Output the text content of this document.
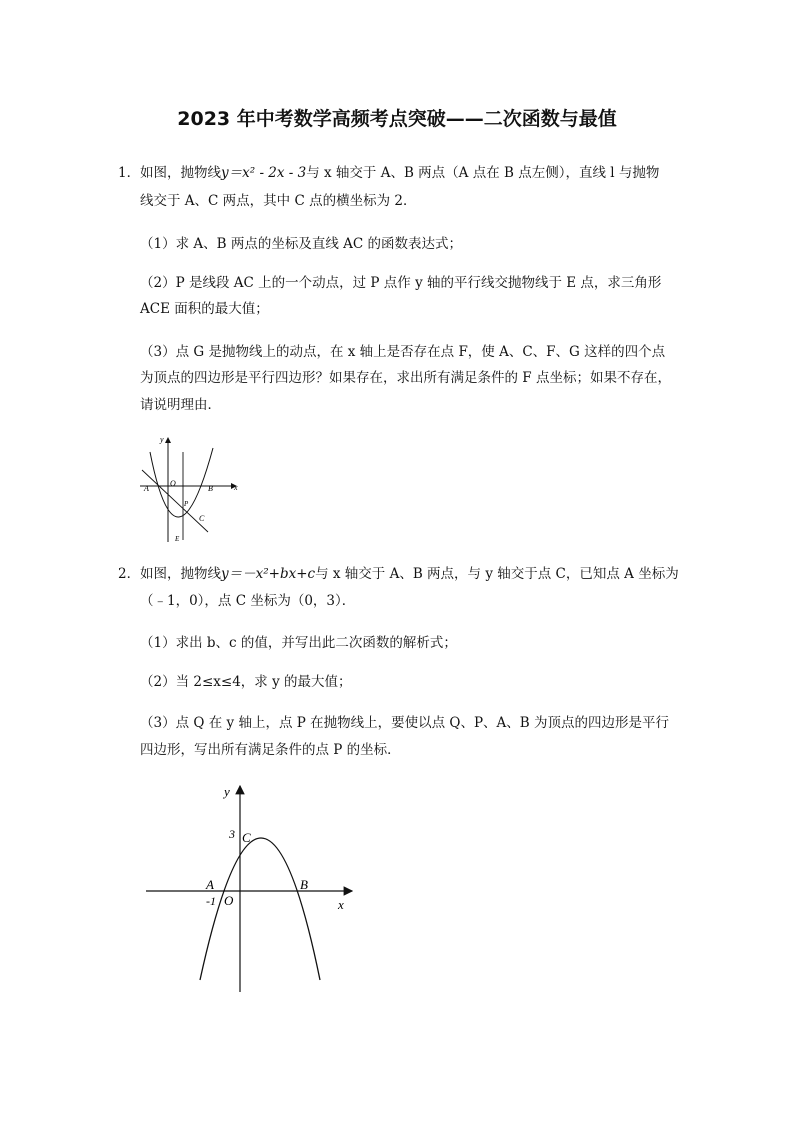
2023 年中考数学高频考点突破——二次函数与最值
1． 如图，抛物线y＝x² - 2x - 3与 x 轴交于 A、B 两点（A 点在 B 点左侧），直线 l 与抛物
线交于 A、C 两点，其中 C 点的横坐标为 2．
（1）求 A、B 两点的坐标及直线 AC 的函数表达式；
（2）P 是线段 AC 上的一个动点，过 P 点作 y 轴的平行线交抛物线于 E 点，求三角形
ACE 面积的最大值；
（3）点 G 是抛物线上的动点，在 x 轴上是否存在点 F，使 A、C、F、G 这样的四个点
为顶点的四边形是平行四边形？如果存在，求出所有满足条件的 F 点坐标；如果不存在，
请说明理由．
y
x
A
O
B
P
C
E
2． 如图，抛物线y＝－x²+bx+c与 x 轴交于 A、B 两点，与 y 轴交于点 C，已知点 A 坐标为
（﹣1，0），点 C 坐标为（0，3）．
（1）求出 b、c 的值，并写出此二次函数的解析式；
（2）当 2≤x≤4，求 y 的最大值；
（3）点 Q 在 y 轴上，点 P 在抛物线上，要使以点 Q、P、A、B 为顶点的四边形是平行
四边形，写出所有满足条件的点 P 的坐标．
y
x
3 C
A	B
-1 O
